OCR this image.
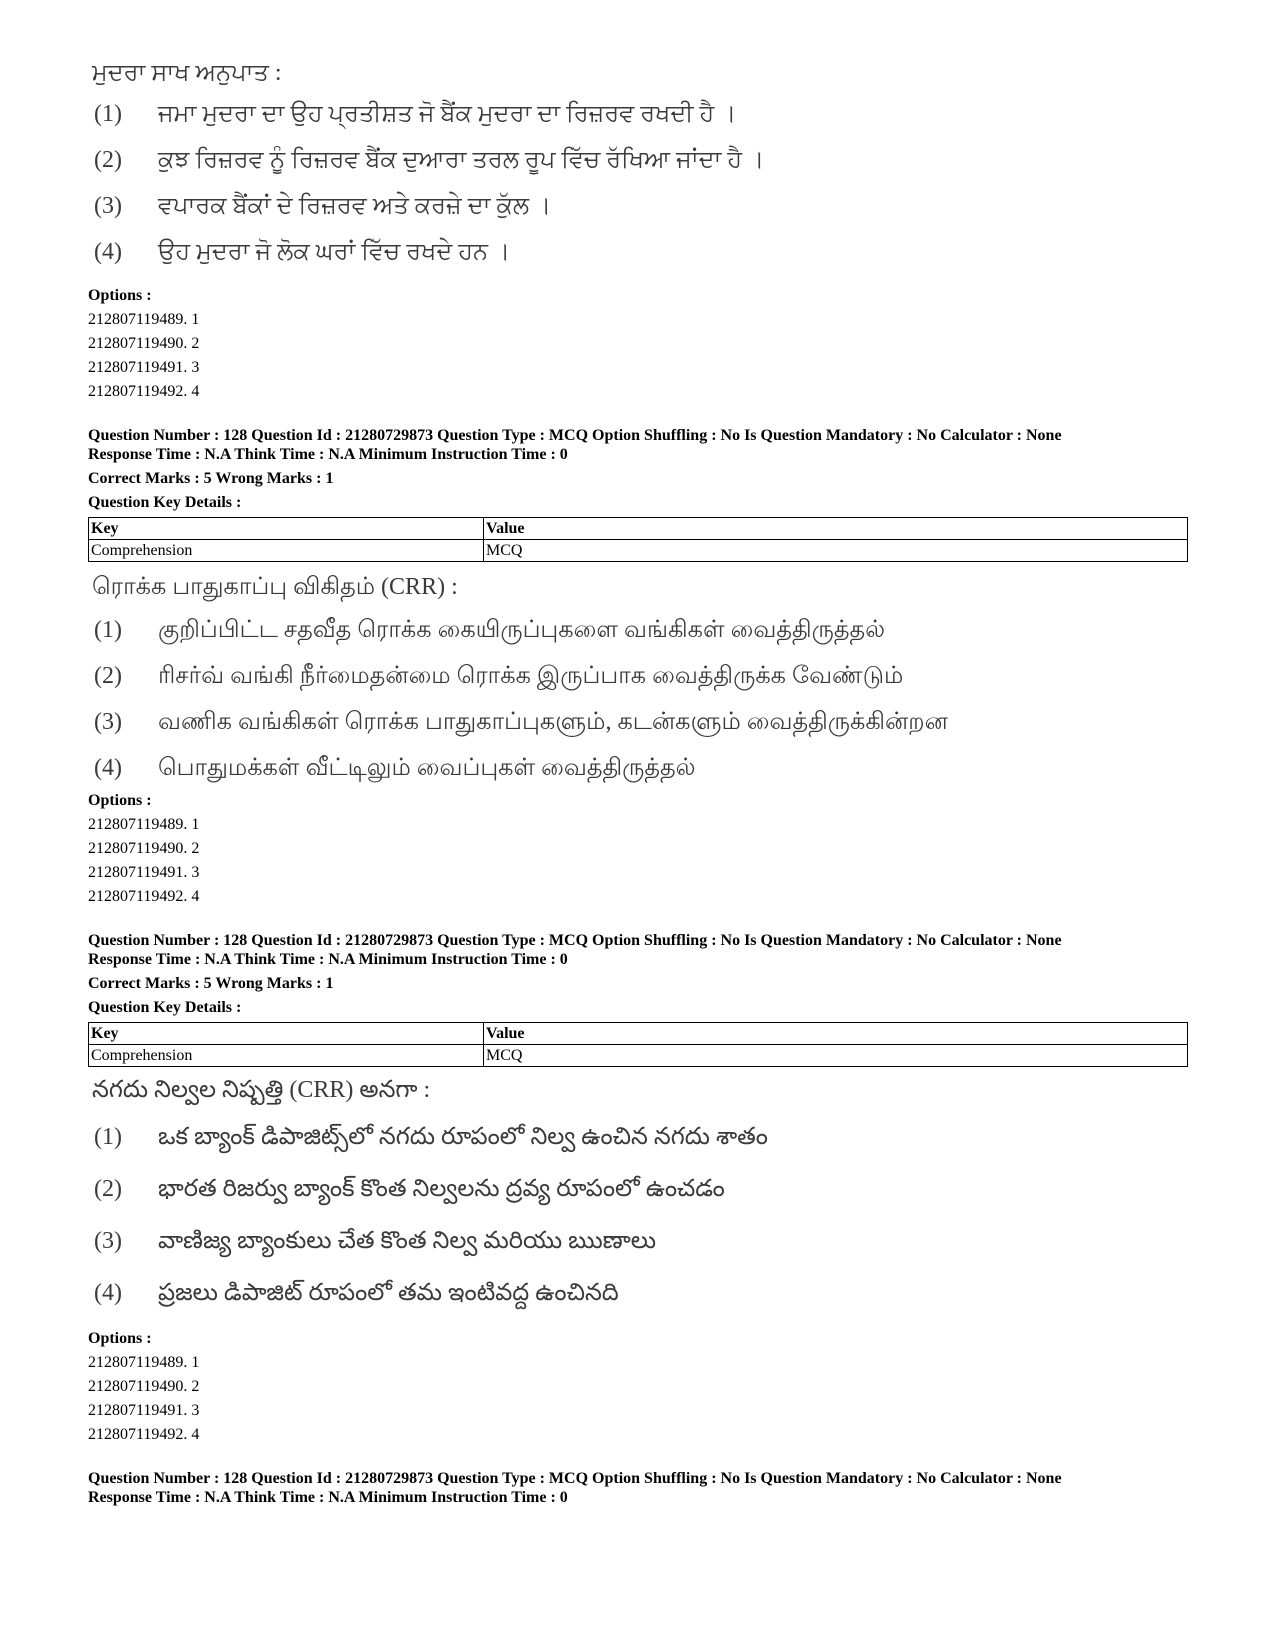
ਮੁਦਰਾ ਸਾਖ ਅਨੁਪਾਤ :
(1)	ਜਮਾ ਮੁਦਰਾ ਦਾ ਉਹ ਪ੍ਰਤੀਸ਼ਤ ਜੋ ਬੈਂਕ ਮੁਦਰਾ ਦਾ ਰਿਜ਼ਰਵ ਰਖਦੀ ਹੈ ।
(2)	ਕੁਝ ਰਿਜ਼ਰਵ ਨੂੰ ਰਿਜ਼ਰਵ ਬੈਂਕ ਦੁਆਰਾ ਤਰਲ ਰੂਪ ਵਿੱਚ ਰੱਖਿਆ ਜਾਂਦਾ ਹੈ ।
(3)	ਵਪਾਰਕ ਬੈਂਕਾਂ ਦੇ ਰਿਜ਼ਰਵ ਅਤੇ ਕਰਜ਼ੇ ਦਾ ਕੁੱਲ ।
(4)	ਉਹ ਮੁਦਰਾ ਜੋ ਲੋਕ ਘਰਾਂ ਵਿੱਚ ਰਖਦੇ ਹਨ ।
Options :
212807119489. 1
212807119490. 2
212807119491. 3
212807119492. 4
Question Number : 128 Question Id : 21280729873 Question Type : MCQ Option Shuffling : No Is Question Mandatory : No Calculator : None
Response Time : N.A Think Time : N.A Minimum Instruction Time : 0
Correct Marks : 5 Wrong Marks : 1
Question Key Details :
Key	Value
Comprehension	MCQ
ரொக்க பாதுகாப்பு விகிதம் (CRR) :
(1)	குறிப்பிட்ட சதவீத ரொக்க கையிருப்புகளை வங்கிகள் வைத்திருத்தல்
(2)	ரிசர்வ் வங்கி நீர்மைதன்மை ரொக்க இருப்பாக வைத்திருக்க வேண்டும்
(3)	வணிக வங்கிகள் ரொக்க பாதுகாப்புகளும், கடன்களும் வைத்திருக்கின்றன
(4)	பொதுமக்கள் வீட்டிலும் வைப்புகள் வைத்திருத்தல்
Options :
212807119489. 1
212807119490. 2
212807119491. 3
212807119492. 4
Question Number : 128 Question Id : 21280729873 Question Type : MCQ Option Shuffling : No Is Question Mandatory : No Calculator : None
Response Time : N.A Think Time : N.A Minimum Instruction Time : 0
Correct Marks : 5 Wrong Marks : 1
Question Key Details :
Key	Value
Comprehension	MCQ
నగదు నిల్వల నిష్పత్తి (CRR) అనగా :
(1)	ఒక బ్యాంక్ డిపాజిట్స్‌లో నగదు రూపంలో నిల్వ ఉంచిన నగదు శాతం
(2)	భారత రిజర్వు బ్యాంక్ కొంత నిల్వలను ద్రవ్య రూపంలో ఉంచడం
(3)	వాణిజ్య బ్యాంకులు చేత కొంత నిల్వ మరియు ఋణాలు
(4)	ప్రజలు డిపాజిట్ రూపంలో తమ ఇంటివద్ద ఉంచినది
Options :
212807119489. 1
212807119490. 2
212807119491. 3
212807119492. 4
Question Number : 128 Question Id : 21280729873 Question Type : MCQ Option Shuffling : No Is Question Mandatory : No Calculator : None
Response Time : N.A Think Time : N.A Minimum Instruction Time : 0
